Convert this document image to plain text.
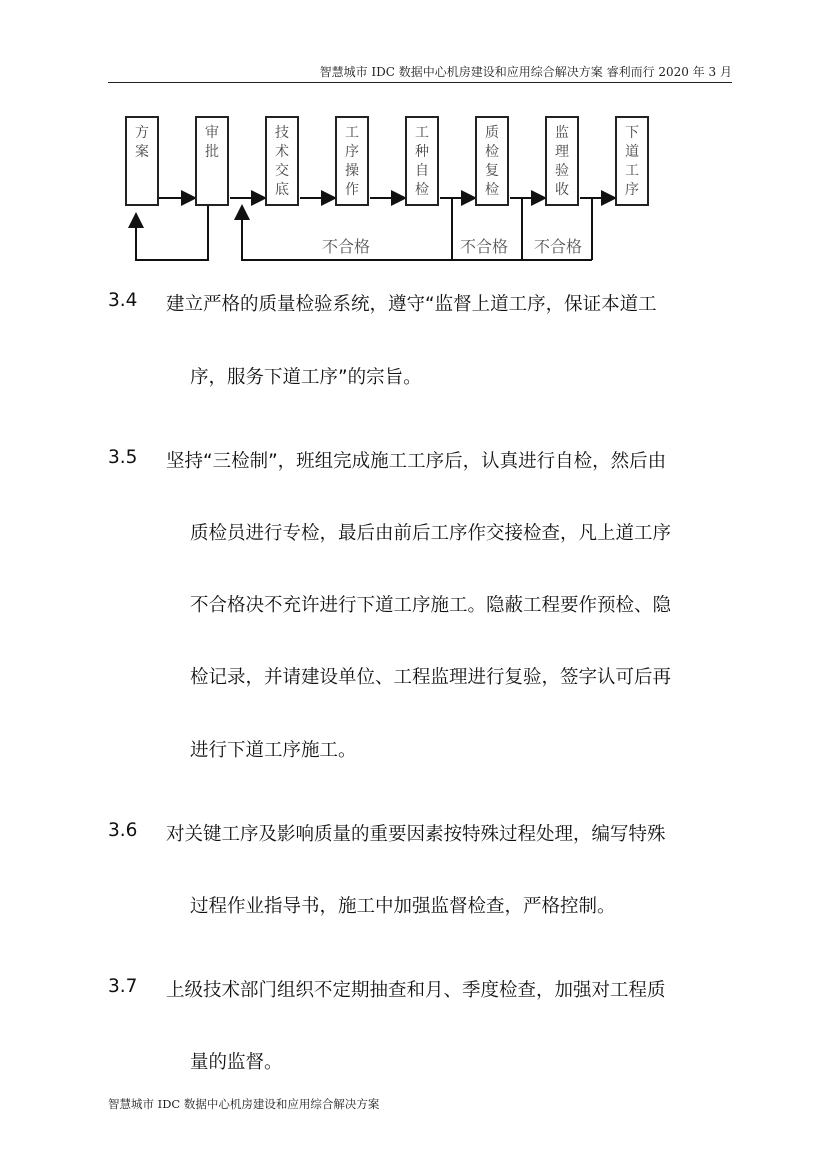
智慧城市 IDC 数据中心机房建设和应用综合解决方案 睿利而行 2020 年 3 月
方　案
审批
技术交底
工序操作
工种自检
质检复检
监理验收
下道工序
不合格	不合格 不合格
3.4 建立严格的质量检验系统，遵守“监督上道工序，保证本道工
序，服务下道工序”的宗旨。
3.5 坚持“三检制”，班组完成施工工序后，认真进行自检，然后由
质检员进行专检，最后由前后工序作交接检查，凡上道工序
不合格决不充许进行下道工序施工。隐蔽工程要作预检、隐
检记录，并请建设单位、工程监理进行复验，签字认可后再
进行下道工序施工。
3.6 对关键工序及影响质量的重要因素按特殊过程处理，编写特殊
过程作业指导书，施工中加强监督检查，严格控制。
3.7 上级技术部门组织不定期抽查和月、季度检查，加强对工程质
量的监督。
智慧城市 IDC 数据中心机房建设和应用综合解决方案
